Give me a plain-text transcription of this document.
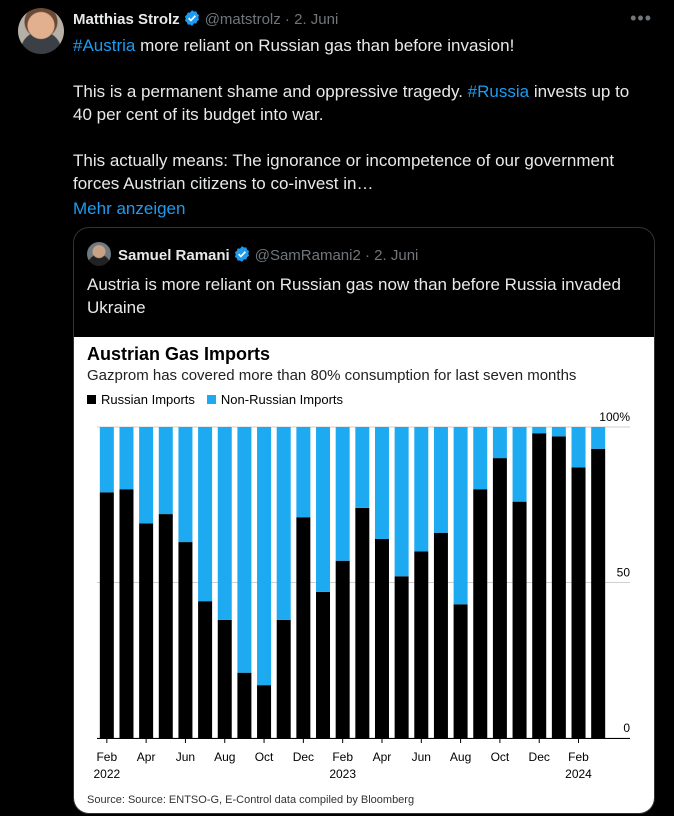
Matthias Strolz @matstrolz · 2. Juni	•••

#Austria more reliant on Russian gas than before invasion!

This is a permanent shame and oppressive tragedy. #Russia invests up to 40 per cent of its budget into war.

This actually means: The ignorance or incompetence of our government forces Austrian citizens to co-invest in…

Mehr anzeigen
Samuel Ramani @SamRamani2 · 2. Juni
Austria is more reliant on Russian gas now than before Russia invaded Ukraine
Austrian Gas Imports
Gazprom has covered more than 80% consumption for last seven months
Russian Imports Non-Russian Imports
100%
50
0
Feb
2022
Apr Jun Aug Oct Dec Feb
2023
Apr Jun Aug Oct Dec Feb
2024
Source: Source: ENTSO-G, E-Control data compiled by Bloomberg
